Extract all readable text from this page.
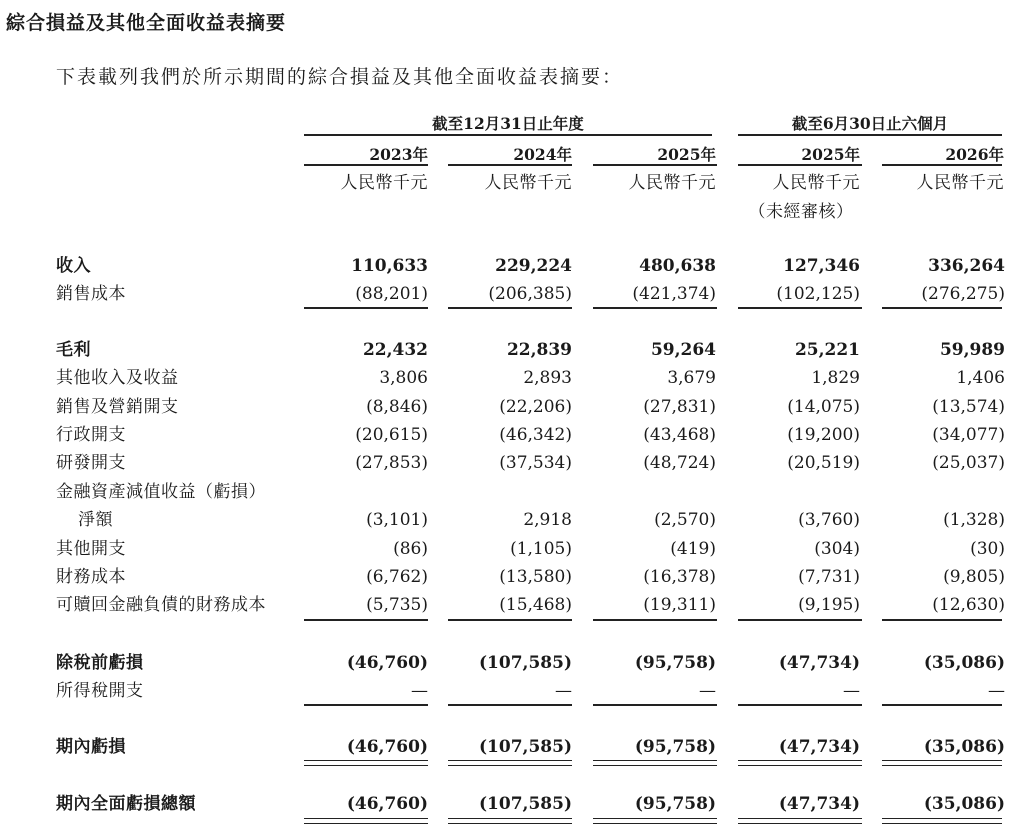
綜合損益及其他全面收益表摘要
下表載列我們於所示期間的綜合損益及其他全面收益表摘要：
截至12月31日止年度	截至6月30日止六個月
2023年	2024年	2025年	2025年	2026年
人民幣千元	人民幣千元	人民幣千元	人民幣千元	人民幣千元
（未經審核）
收入	110,633	229,224	480,638	127,346	336,264
銷售成本	(88,201)	(206,385)	(421,374)	(102,125)	(276,275)
毛利	22,432	22,839	59,264	25,221	59,989
其他收入及收益	3,806	2,893	3,679	1,829	1,406
銷售及營銷開支	(8,846)	(22,206)	(27,831)	(14,075)	(13,574)
行政開支	(20,615)	(46,342)	(43,468)	(19,200)	(34,077)
研發開支	(27,853)	(37,534)	(48,724)	(20,519)	(25,037)
金融資產減值收益（虧損）
淨額	(3,101)	2,918	(2,570)	(3,760)	(1,328)
其他開支	(86)	(1,105)	(419)	(304)	(30)
財務成本	(6,762)	(13,580)	(16,378)	(7,731)	(9,805)
可贖回金融負債的財務成本	(5,735)	(15,468)	(19,311)	(9,195)	(12,630)
除稅前虧損	(46,760)	(107,585)	(95,758)	(47,734)	(35,086)
所得稅開支	—	—	—	—	—
期內虧損	(46,760)	(107,585)	(95,758)	(47,734)	(35,086)
期內全面虧損總額	(46,760)	(107,585)	(95,758)	(47,734)	(35,086)
